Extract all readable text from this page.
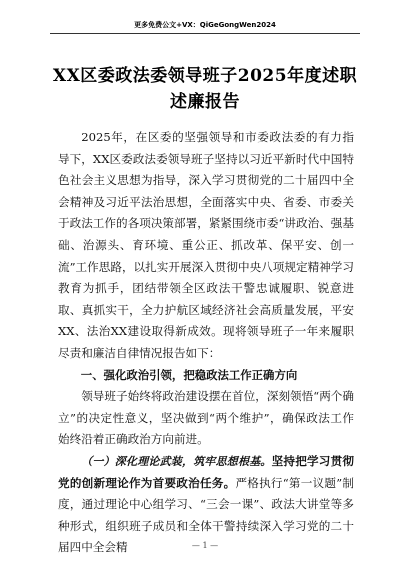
更多免费公文+VX：QiGeGongWen2024
XX区委政法委领导班子2025年度述职述廉报告

2025年，在区委的坚强领导和市委政法委的有力指导下，XX区委政法委领导班子坚持以习近平新时代中国特色社会主义思想为指导，深入学习贯彻党的二十届四中全会精神及习近平法治思想，全面落实中央、省委、市委关于政法工作的各项决策部署，紧紧围绕市委“讲政治、强基础、治源头、育环境、重公正、抓改革、保平安、创一流”工作思路，以扎实开展深入贯彻中央八项规定精神学习教育为抓手，团结带领全区政法干警忠诚履职、锐意进取、真抓实干，全力护航区域经济社会高质量发展，平安XX、法治XX建设取得新成效。现将领导班子一年来履职尽责和廉洁自律情况报告如下：

一、强化政治引领，把稳政法工作正确方向

领导班子始终将政治建设摆在首位，深刻领悟“两个确立”的决定性意义，坚决做到“两个维护”，确保政法工作始终沿着正确政治方向前进。

（一）深化理论武装，筑牢思想根基。坚持把学习贯彻党的创新理论作为首要政治任务。严格执行“第一议题”制度，通过理论中心组学习、“三会一课”、政法大讲堂等多种形式，组织班子成员和全体干警持续深入学习党的二十届四中全会精	— 1 —
